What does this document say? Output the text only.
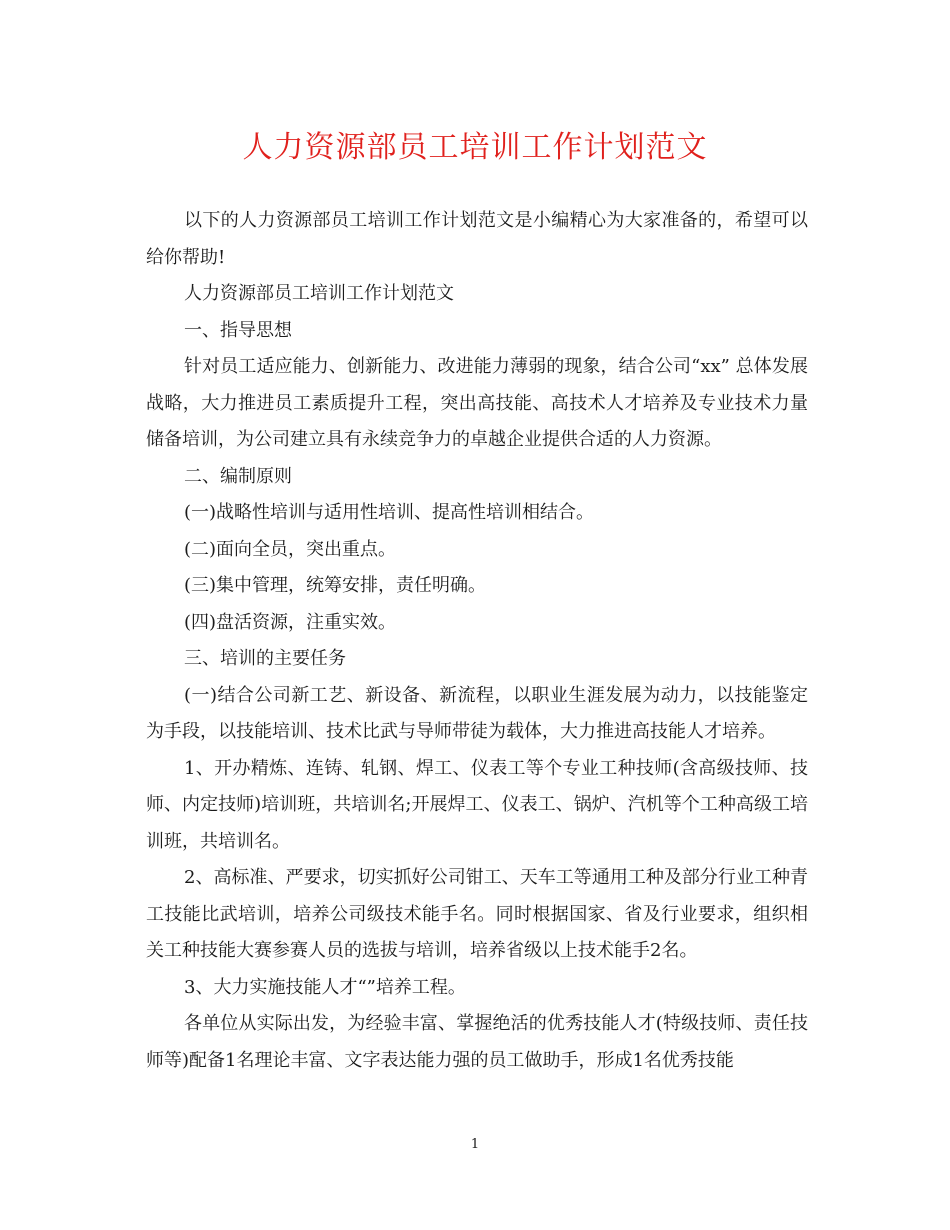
人力资源部员工培训工作计划范文

以下的人力资源部员工培训工作计划范文是小编精心为大家准备的，希望可以给你帮助!

人力资源部员工培训工作计划范文

一、指导思想

针对员工适应能力、创新能力、改进能力薄弱的现象，结合公司“xx” 总体发展战略，大力推进员工素质提升工程，突出高技能、高技术人才培养及专业技术力量储备培训，为公司建立具有永续竞争力的卓越企业提供合适的人力资源。

二、编制原则

(一)战略性培训与适用性培训、提高性培训相结合。

(二)面向全员，突出重点。

(三)集中管理，统筹安排，责任明确。

(四)盘活资源，注重实效。

三、培训的主要任务

(一)结合公司新工艺、新设备、新流程，以职业生涯发展为动力，以技能鉴定为手段，以技能培训、技术比武与导师带徒为载体，大力推进高技能人才培养。

1、开办精炼、连铸、轧钢、焊工、仪表工等个专业工种技师(含高级技师、技师、内定技师)培训班，共培训名;开展焊工、仪表工、锅炉、汽机等个工种高级工培训班，共培训名。

2、高标准、严要求，切实抓好公司钳工、天车工等通用工种及部分行业工种青工技能比武培训，培养公司级技术能手名。同时根据国家、省及行业要求，组织相关工种技能大赛参赛人员的选拔与培训，培养省级以上技术能手2名。

3、大力实施技能人才“”培养工程。

各单位从实际出发，为经验丰富、掌握绝活的优秀技能人才(特级技师、责任技师等)配备1名理论丰富、文字表达能力强的员工做助手，形成1名优秀技能

1
